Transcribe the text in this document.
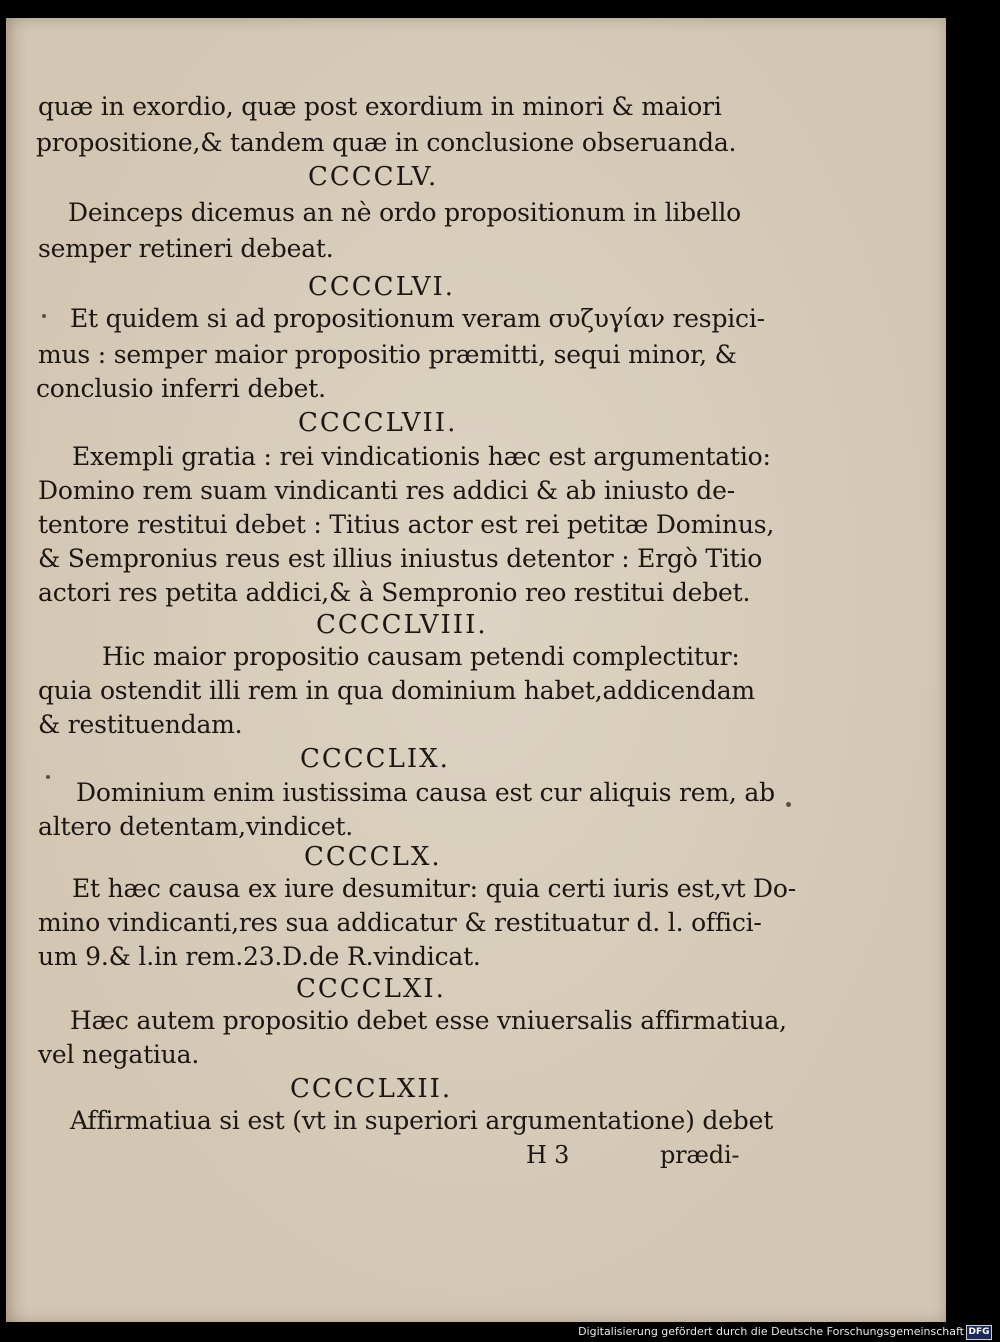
quæ in exordio, quæ post exordium in minori & maiori
propositione,& tandem quæ in conclusione obseruanda.
CCCCLV.
Deinceps dicemus an nè ordo propositionum in libello
semper retineri debeat.
CCCCLVI.
Et quidem si ad propositionum veram συζυγίαν respici-
mus : semper maior propositio præmitti, sequi minor, &
conclusio inferri debet.
CCCCLVII.
Exempli gratia : rei vindicationis hæc est argumentatio:
Domino rem suam vindicanti res addici & ab iniusto de-
tentore restitui debet : Titius actor est rei petitæ Dominus,
& Sempronius reus est illius iniustus detentor : Ergò Titio
actori res petita addici,& à Sempronio reo restitui debet.
CCCCLVIII.
Hic maior propositio causam petendi complectitur:
quia ostendit illi rem in qua dominium habet,addicendam
& restituendam.
CCCCLIX.
Dominium enim iustissima causa est cur aliquis rem, ab
altero detentam,vindicet.
CCCCLX.
Et hæc causa ex iure desumitur: quia certi iuris est,vt Do-
mino vindicanti,res sua addicatur & restituatur d. l. offici-
um 9.& l.in rem.23.D.de R.vindicat.
CCCCLXI.
Hæc autem propositio debet esse vniuersalis affirmatiua,
vel negatiua.
CCCCLXII.
Affirmatiua si est (vt in superiori argumentatione) debet
H 3	prædi-
Digitalisierung gefördert durch die Deutsche Forschungsgemeinschaft DFG
